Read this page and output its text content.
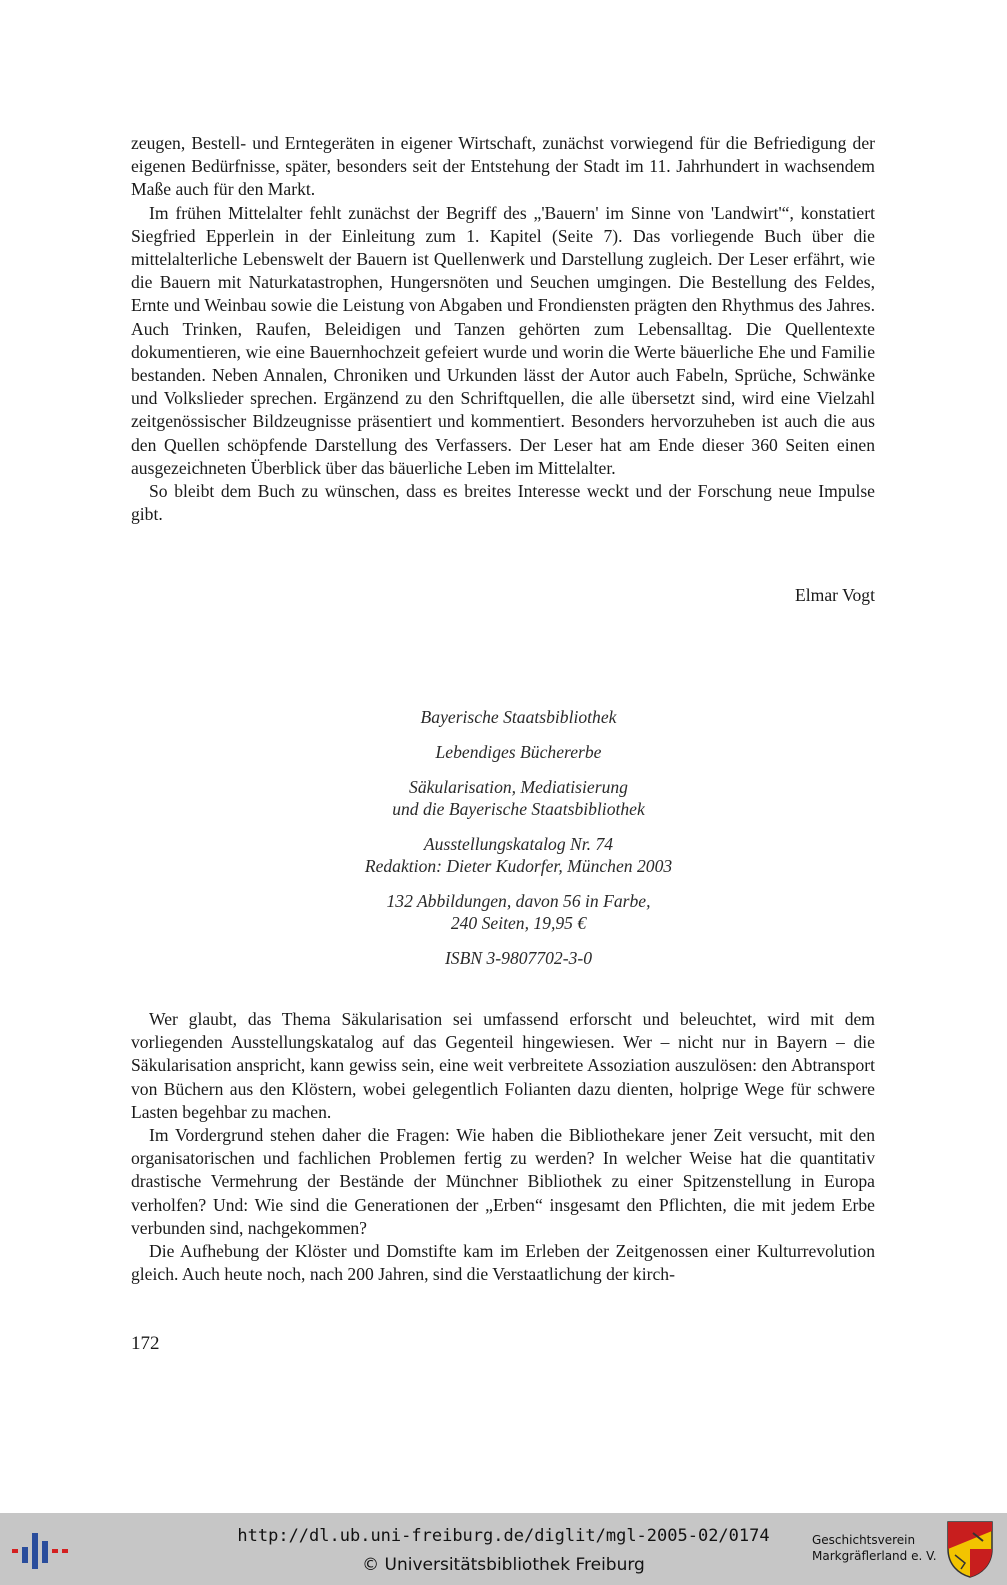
zeugen, Bestell- und Erntegeräten in eigener Wirtschaft, zunächst vorwiegend für die Befriedigung der eigenen Bedürfnisse, später, besonders seit der Entstehung der Stadt im 11. Jahrhundert in wachsendem Maße auch für den Markt.

Im frühen Mittelalter fehlt zunächst der Begriff des „'Bauern' im Sinne von 'Landwirt'“, konstatiert Siegfried Epperlein in der Einleitung zum 1. Kapitel (Seite 7). Das vorliegende Buch über die mittelalterliche Lebenswelt der Bauern ist Quellenwerk und Darstellung zugleich. Der Leser erfährt, wie die Bauern mit Naturkatastrophen, Hungersnöten und Seuchen umgingen. Die Bestellung des Feldes, Ernte und Weinbau sowie die Leistung von Abgaben und Frondiensten prägten den Rhythmus des Jahres. Auch Trinken, Raufen, Beleidigen und Tanzen gehörten zum Lebensalltag. Die Quellentexte dokumentieren, wie eine Bauernhochzeit gefeiert wurde und worin die Werte bäuerliche Ehe und Familie bestanden. Neben Annalen, Chroniken und Urkunden lässt der Autor auch Fabeln, Sprüche, Schwänke und Volkslieder sprechen. Ergänzend zu den Schriftquellen, die alle übersetzt sind, wird eine Vielzahl zeitgenössischer Bildzeugnisse präsentiert und kommentiert. Besonders hervorzuheben ist auch die aus den Quellen schöpfende Darstellung des Verfassers. Der Leser hat am Ende dieser 360 Seiten einen ausgezeichneten Überblick über das bäuerliche Leben im Mittelalter.

So bleibt dem Buch zu wünschen, dass es breites Interesse weckt und der Forschung neue Impulse gibt.

Elmar Vogt
Bayerische Staatsbibliothek
Lebendiges Büchererbe
Säkularisation, Mediatisierung
und die Bayerische Staatsbibliothek
Ausstellungskatalog Nr. 74
Redaktion: Dieter Kudorfer, München 2003
132 Abbildungen, davon 56 in Farbe,
240 Seiten, 19,95 €
ISBN 3-9807702-3-0

Wer glaubt, das Thema Säkularisation sei umfassend erforscht und beleuchtet, wird mit dem vorliegenden Ausstellungskatalog auf das Gegenteil hingewiesen. Wer – nicht nur in Bayern – die Säkularisation anspricht, kann gewiss sein, eine weit verbreitete Assoziation auszulösen: den Abtransport von Büchern aus den Klöstern, wobei gelegentlich Folianten dazu dienten, holprige Wege für schwere Lasten begehbar zu machen.

Im Vordergrund stehen daher die Fragen: Wie haben die Bibliothekare jener Zeit versucht, mit den organisatorischen und fachlichen Problemen fertig zu werden? In welcher Weise hat die quantitativ drastische Vermehrung der Bestände der Münchner Bibliothek zu einer Spitzenstellung in Europa verholfen? Und: Wie sind die Generationen der „Erben“ insgesamt den Pflichten, die mit jedem Erbe verbunden sind, nachgekommen?

Die Aufhebung der Klöster und Domstifte kam im Erleben der Zeitgenossen einer Kulturrevolution gleich. Auch heute noch, nach 200 Jahren, sind die Verstaatlichung der kirch-

172
http://dl.ub.uni-freiburg.de/diglit/mgl-2005-02/0174
© Universitätsbibliothek Freiburg
Geschichtsverein
Markgräflerland e. V.
